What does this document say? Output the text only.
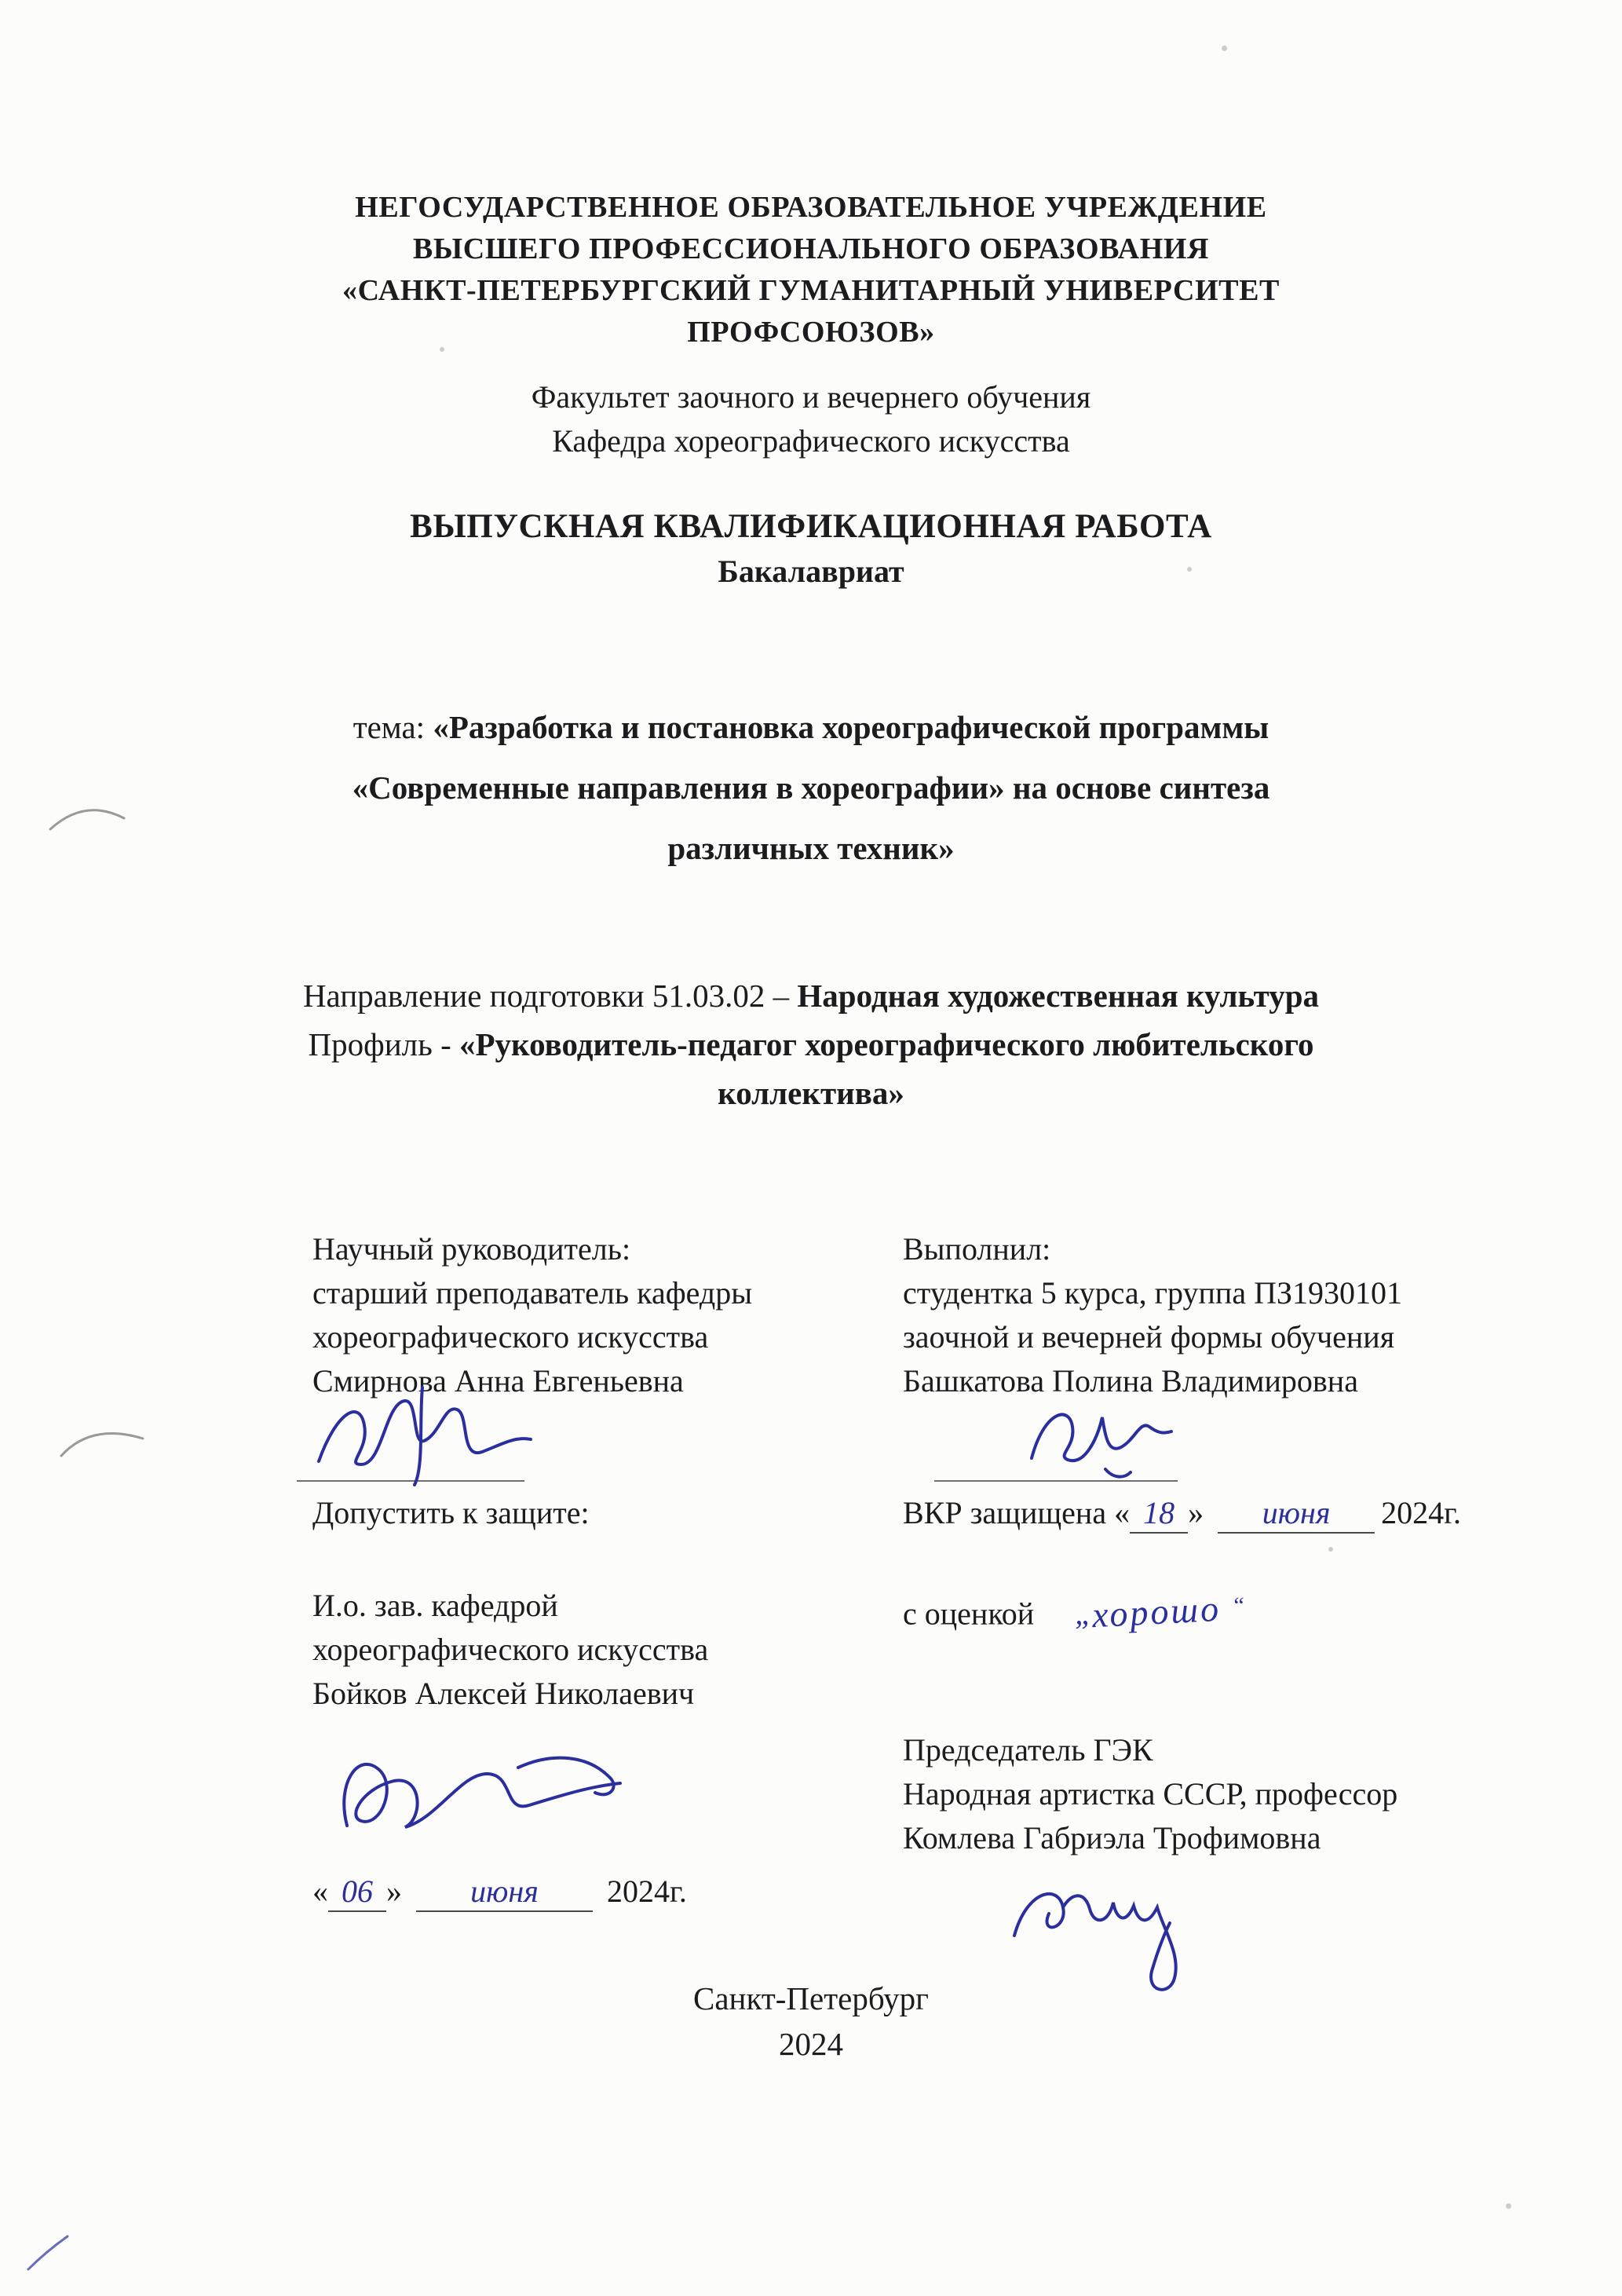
НЕГОСУДАРСТВЕННОЕ ОБРАЗОВАТЕЛЬНОЕ УЧРЕЖДЕНИЕ
ВЫСШЕГО ПРОФЕССИОНАЛЬНОГО ОБРАЗОВАНИЯ
«САНКТ-ПЕТЕРБУРГСКИЙ ГУМАНИТАРНЫЙ УНИВЕРСИТЕТ
ПРОФСОЮЗОВ»
Факультет заочного и вечернего обучения
Кафедра хореографического искусства
ВЫПУСКНАЯ КВАЛИФИКАЦИОННАЯ РАБОТА
Бакалавриат
тема: «Разработка и постановка хореографической программы
«Современные направления в хореографии» на основе синтеза
различных техник»
Направление подготовки 51.03.02 – Народная художественная культура
Профиль - «Руководитель-педагог хореографического любительского
коллектива»
Научный руководитель:
старший преподаватель кафедры
хореографического искусства
Смирнова Анна Евгеньевна
Допустить к защите:
И.о. зав. кафедрой
хореографического искусства
Бойков Алексей Николаевич
« 06 » июня 2024г.
Выполнил:
студентка 5 курса, группа ПЗ1930101
заочной и вечерней формы обучения
Башкатова Полина Владимировна
ВКР защищена « 18 » июня 2024г.
с оценкой „хорошо “
Председатель ГЭК
Народная артистка СССР, профессор
Комлева Габриэла Трофимовна
Санкт-Петербург
2024
